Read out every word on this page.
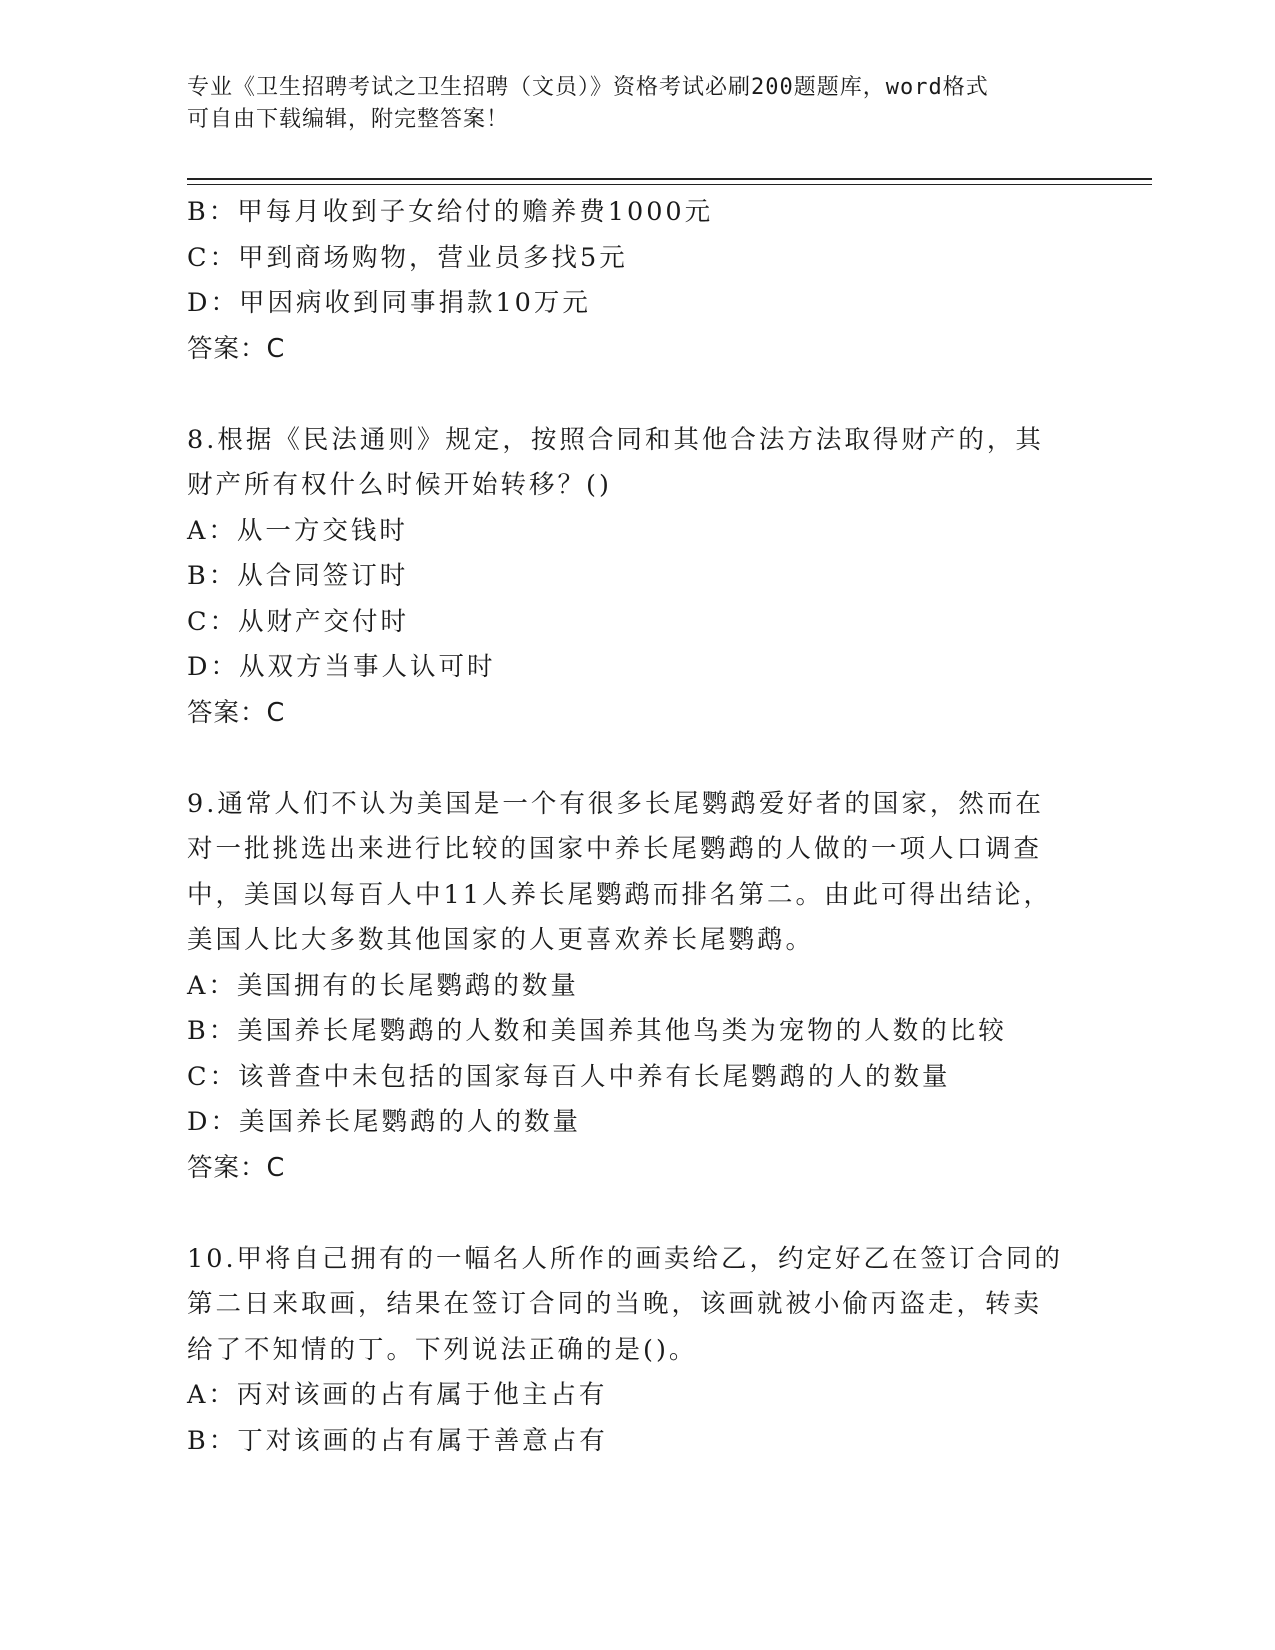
专业《卫生招聘考试之卫生招聘（文员）》资格考试必刷200题题库，word格式
可自由下载编辑，附完整答案！
B：甲每月收到子女给付的赡养费1000元
C：甲到商场购物，营业员多找5元
D：甲因病收到同事捐款10万元
答案：C
8.根据《民法通则》规定，按照合同和其他合法方法取得财产的，其
财产所有权什么时候开始转移？()
A：从一方交钱时
B：从合同签订时
C：从财产交付时
D：从双方当事人认可时
答案：C
9.通常人们不认为美国是一个有很多长尾鹦鹉爱好者的国家，然而在
对一批挑选出来进行比较的国家中养长尾鹦鹉的人做的一项人口调查
中，美国以每百人中11人养长尾鹦鹉而排名第二。由此可得出结论，
美国人比大多数其他国家的人更喜欢养长尾鹦鹉。
A：美国拥有的长尾鹦鹉的数量
B：美国养长尾鹦鹉的人数和美国养其他鸟类为宠物的人数的比较
C：该普查中未包括的国家每百人中养有长尾鹦鹉的人的数量
D：美国养长尾鹦鹉的人的数量
答案：C
10.甲将自己拥有的一幅名人所作的画卖给乙，约定好乙在签订合同的
第二日来取画，结果在签订合同的当晚，该画就被小偷丙盗走，转卖
给了不知情的丁。下列说法正确的是()。
A：丙对该画的占有属于他主占有
B：丁对该画的占有属于善意占有
